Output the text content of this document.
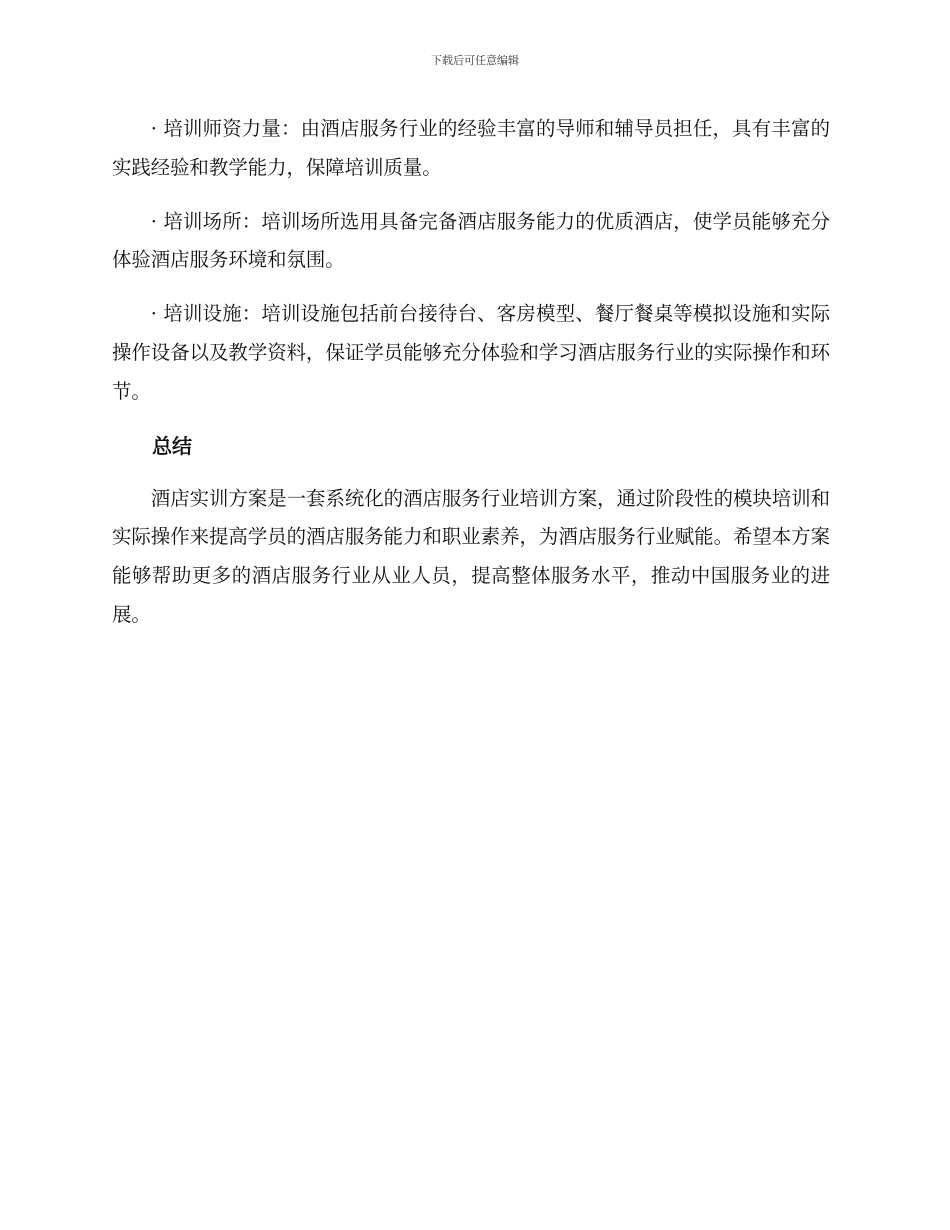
下载后可任意编辑

· 培训师资力量：由酒店服务行业的经验丰富的导师和辅导员担任，具有丰富的实践经验和教学能力，保障培训质量。

· 培训场所：培训场所选用具备完备酒店服务能力的优质酒店，使学员能够充分体验酒店服务环境和氛围。

· 培训设施：培训设施包括前台接待台、客房模型、餐厅餐桌等模拟设施和实际操作设备以及教学资料，保证学员能够充分体验和学习酒店服务行业的实际操作和环节。

总结

酒店实训方案是一套系统化的酒店服务行业培训方案，通过阶段性的模块培训和实际操作来提高学员的酒店服务能力和职业素养，为酒店服务行业赋能。希望本方案能够帮助更多的酒店服务行业从业人员，提高整体服务水平，推动中国服务业的进展。
